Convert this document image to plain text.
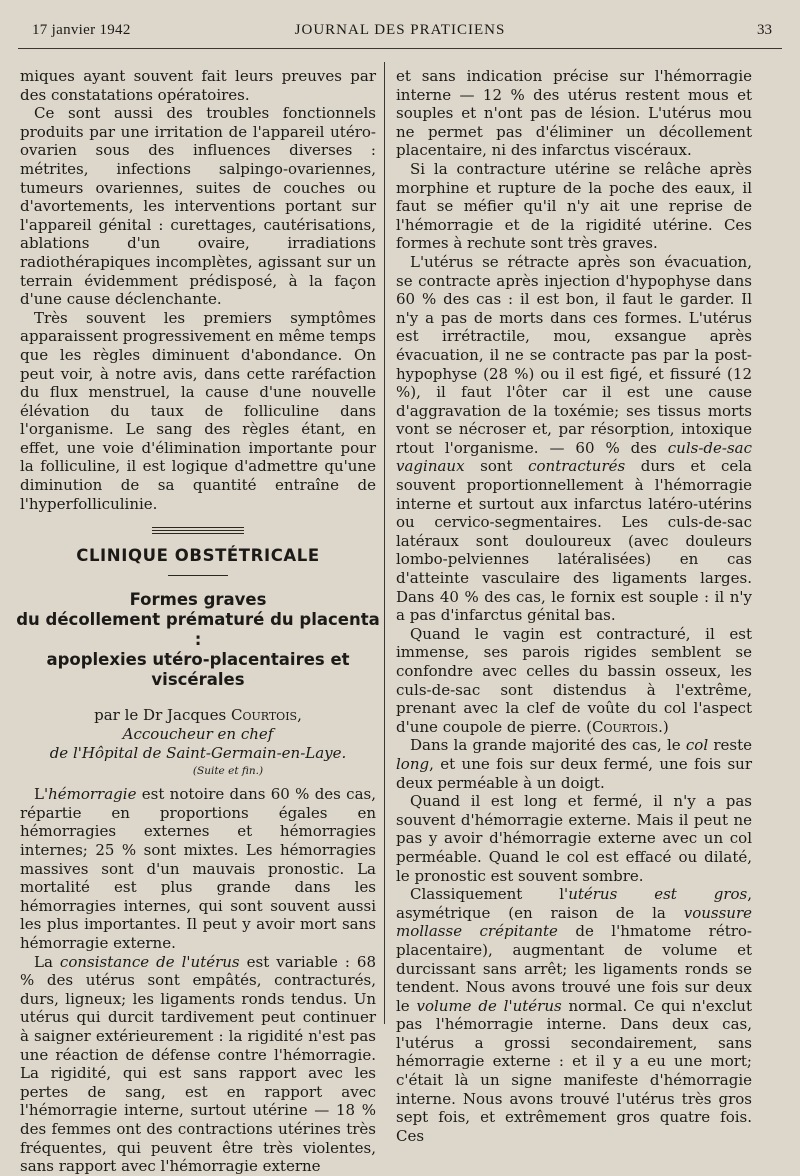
17 janvier 1942	JOURNAL DES PRATICIENS	33

miques ayant souvent fait leurs preuves par des constatations opératoires.

Ce sont aussi des troubles fonctionnels produits par une irritation de l'appareil utéro-ovarien sous des influences diverses : métrites, infections salpingo-ovariennes, tumeurs ovariennes, suites de couches ou d'avortements, les interventions portant sur l'appareil génital : curettages, cautérisations, ablations d'un ovaire, irradiations radiothérapiques incomplètes, agissant sur un terrain évidemment prédisposé, à la façon d'une cause déclenchante.

Très souvent les premiers symptômes apparaissent progressivement en même temps que les règles diminuent d'abondance. On peut voir, à notre avis, dans cette raréfaction du flux menstruel, la cause d'une nouvelle élévation du taux de folliculine dans l'organisme. Le sang des règles étant, en effet, une voie d'élimination importante pour la folliculine, il est logique d'admettre qu'une diminution de sa quantité entraîne de l'hyperfolliculinie.

CLINIQUE OBSTÉTRICALE
Formes graves
du décollement prématuré du placenta :
apoplexies utéro-placentaires et viscérales
par le Dr Jacques Courtois,
Accoucheur en chef
de l'Hôpital de Saint-Germain-en-Laye.
(Suite et fin.)

L'hémorragie est notoire dans 60 % des cas, répartie en proportions égales en hémorragies externes et hémorragies internes; 25 % sont mixtes. Les hémorragies massives sont d'un mauvais pronostic. La mortalité est plus grande dans les hémorragies internes, qui sont souvent aussi les plus importantes. Il peut y avoir mort sans hémorragie externe.

La consistance de l'utérus est variable : 68 % des utérus sont empâtés, contracturés, durs, ligneux; les ligaments ronds tendus. Un utérus qui durcit tardivement peut continuer à saigner extérieurement : la rigidité n'est pas une réaction de défense contre l'hémorragie. La rigidité, qui est sans rapport avec les pertes de sang, est en rapport avec l'hémorragie interne, surtout utérine — 18 % des femmes ont des contractions utérines très fréquentes, qui peuvent être très violentes, sans rapport avec l'hémorragie externe

et sans indication précise sur l'hémorragie interne — 12 % des utérus restent mous et souples et n'ont pas de lésion. L'utérus mou ne permet pas d'éliminer un décollement placentaire, ni des infarctus viscéraux.

Si la contracture utérine se relâche après morphine et rupture de la poche des eaux, il faut se méfier qu'il n'y ait une reprise de l'hémorragie et de la rigidité utérine. Ces formes à rechute sont très graves.

L'utérus se rétracte après son évacuation, se contracte après injection d'hypophyse dans 60 % des cas : il est bon, il faut le garder. Il n'y a pas de morts dans ces formes. L'utérus est irrétractile, mou, exsangue après évacuation, il ne se contracte pas par la post-hypophyse (28 %) ou il est figé, et fissuré (12 %), il faut l'ôter car il est une cause d'aggravation de la toxémie; ses tissus morts vont se nécroser et, par résorption, intoxique rtout l'organisme. — 60 % des culs-de-sac vaginaux sont contracturés durs et cela souvent proportionnellement à l'hémorragie interne et surtout aux infarctus latéro-utérins ou cervico-segmentaires. Les culs-de-sac latéraux sont douloureux (avec douleurs lombo-pelviennes latéralisées) en cas d'atteinte vasculaire des ligaments larges. Dans 40 % des cas, le fornix est souple : il n'y a pas d'infarctus génital bas.

Quand le vagin est contracturé, il est immense, ses parois rigides semblent se confondre avec celles du bassin osseux, les culs-de-sac sont distendus à l'extrême, prenant avec la clef de voûte du col l'aspect d'une coupole de pierre. (Courtois.)

Dans la grande majorité des cas, le col reste long, et une fois sur deux fermé, une fois sur deux perméable à un doigt.

Quand il est long et fermé, il n'y a pas souvent d'hémorragie externe. Mais il peut ne pas y avoir d'hémorragie externe avec un col perméable. Quand le col est effacé ou dilaté, le pronostic est souvent sombre.

Classiquement l'utérus est gros, asymétrique (en raison de la voussure mollasse crépitante de l'hmatome rétro-placentaire), augmentant de volume et durcissant sans arrêt; les ligaments ronds se tendent. Nous avons trouvé une fois sur deux le volume de l'utérus normal. Ce qui n'exclut pas l'hémorragie interne. Dans deux cas, l'utérus a grossi secondairement, sans hémorragie externe : et il y a eu une mort; c'était là un signe manifeste d'hémorragie interne. Nous avons trouvé l'utérus très gros sept fois, et extrêmement gros quatre fois. Ces
